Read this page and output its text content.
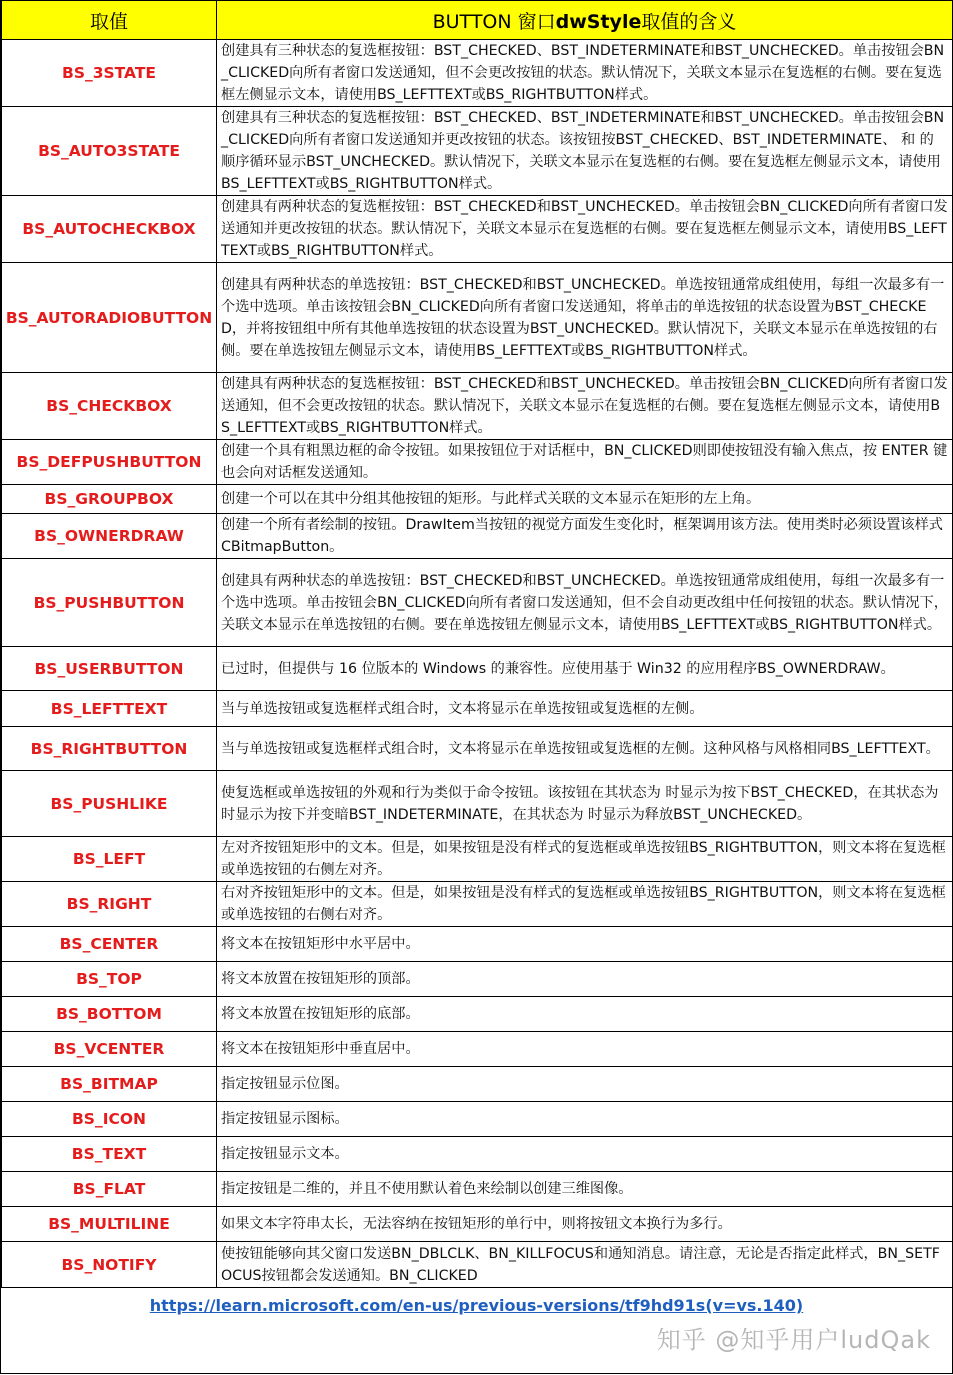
取值	BUTTON 窗口dwStyle取值的含义
BS_3STATE	创建具有三种状态的复选框按钮：BST_CHECKED、BST_INDETERMINATE和BST_UNCHECKED。单击按钮会BN_CLICKED向所有者窗口发送通知，但不会更改按钮的状态。默认情况下，关联文本显示在复选框的右侧。要在复选框左侧显示文本，请使用BS_LEFTTEXT或BS_RIGHTBUTTON样式。
BS_AUTO3STATE	创建具有三种状态的复选框按钮：BST_CHECKED、BST_INDETERMINATE和BST_UNCHECKED。单击按钮会BN_CLICKED向所有者窗口发送通知并更改按钮的状态。该按钮按BST_CHECKED、BST_INDETERMINATE、 和 的顺序循环显示BST_UNCHECKED。默认情况下，关联文本显示在复选框的右侧。要在复选框左侧显示文本，请使用BS_LEFTTEXT或BS_RIGHTBUTTON样式。
BS_AUTOCHECKBOX	创建具有两种状态的复选框按钮：BST_CHECKED和BST_UNCHECKED。单击按钮会BN_CLICKED向所有者窗口发送通知并更改按钮的状态。默认情况下，关联文本显示在复选框的右侧。要在复选框左侧显示文本，请使用BS_LEFTTEXT或BS_RIGHTBUTTON样式。
BS_AUTORADIOBUTTON	创建具有两种状态的单选按钮：BST_CHECKED和BST_UNCHECKED。单选按钮通常成组使用，每组一次最多有一个选中选项。单击该按钮会BN_CLICKED向所有者窗口发送通知，将单击的单选按钮的状态设置为BST_CHECKED，并将按钮组中所有其他单选按钮的状态设置为BST_UNCHECKED。默认情况下，关联文本显示在单选按钮的右侧。要在单选按钮左侧显示文本，请使用BS_LEFTTEXT或BS_RIGHTBUTTON样式。
BS_CHECKBOX	创建具有两种状态的复选框按钮：BST_CHECKED和BST_UNCHECKED。单击按钮会BN_CLICKED向所有者窗口发送通知，但不会更改按钮的状态。默认情况下，关联文本显示在复选框的右侧。要在复选框左侧显示文本，请使用BS_LEFTTEXT或BS_RIGHTBUTTON样式。
BS_DEFPUSHBUTTON	创建一个具有粗黑边框的命令按钮。如果按钮位于对话框中，BN_CLICKED则即使按钮没有输入焦点，按 ENTER 键也会向对话框发送通知。
BS_GROUPBOX	创建一个可以在其中分组其他按钮的矩形。与此样式关联的文本显示在矩形的左上角。
BS_OWNERDRAW	创建一个所有者绘制的按钮。DrawItem当按钮的视觉方面发生变化时，框架调用该方法。使用类时必须设置该样式CBitmapButton。
BS_PUSHBUTTON	创建具有两种状态的单选按钮：BST_CHECKED和BST_UNCHECKED。单选按钮通常成组使用，每组一次最多有一个选中选项。单击按钮会BN_CLICKED向所有者窗口发送通知，但不会自动更改组中任何按钮的状态。默认情况下，关联文本显示在单选按钮的右侧。要在单选按钮左侧显示文本，请使用BS_LEFTTEXT或BS_RIGHTBUTTON样式。
BS_USERBUTTON	已过时，但提供与 16 位版本的 Windows 的兼容性。应使用基于 Win32 的应用程序BS_OWNERDRAW。
BS_LEFTTEXT	当与单选按钮或复选框样式组合时，文本将显示在单选按钮或复选框的左侧。
BS_RIGHTBUTTON	当与单选按钮或复选框样式组合时，文本将显示在单选按钮或复选框的左侧。这种风格与风格相同BS_LEFTTEXT。
BS_PUSHLIKE	使复选框或单选按钮的外观和行为类似于命令按钮。该按钮在其状态为 时显示为按下BST_CHECKED，在其状态为 时显示为按下并变暗BST_INDETERMINATE，在其状态为 时显示为释放BST_UNCHECKED。
BS_LEFT	左对齐按钮矩形中的文本。但是，如果按钮是没有样式的复选框或单选按钮BS_RIGHTBUTTON，则文本将在复选框或单选按钮的右侧左对齐。
BS_RIGHT	右对齐按钮矩形中的文本。但是，如果按钮是没有样式的复选框或单选按钮BS_RIGHTBUTTON，则文本将在复选框或单选按钮的右侧右对齐。
BS_CENTER	将文本在按钮矩形中水平居中。
BS_TOP	将文本放置在按钮矩形的顶部。
BS_BOTTOM	将文本放置在按钮矩形的底部。
BS_VCENTER	将文本在按钮矩形中垂直居中。
BS_BITMAP	指定按钮显示位图。
BS_ICON	指定按钮显示图标。
BS_TEXT	指定按钮显示文本。
BS_FLAT	指定按钮是二维的，并且不使用默认着色来绘制以创建三维图像。
BS_MULTILINE	如果文本字符串太长，无法容纳在按钮矩形的单行中，则将按钮文本换行为多行。
BS_NOTIFY	使按钮能够向其父窗口发送BN_DBLCLK、BN_KILLFOCUS和通知消息。请注意，无论是否指定此样式，BN_SETFOCUS按钮都会发送通知。BN_CLICKED
https://learn.microsoft.com/en-us/previous-versions/tf9hd91s(v=vs.140)
知乎 @知乎用户ludQak
